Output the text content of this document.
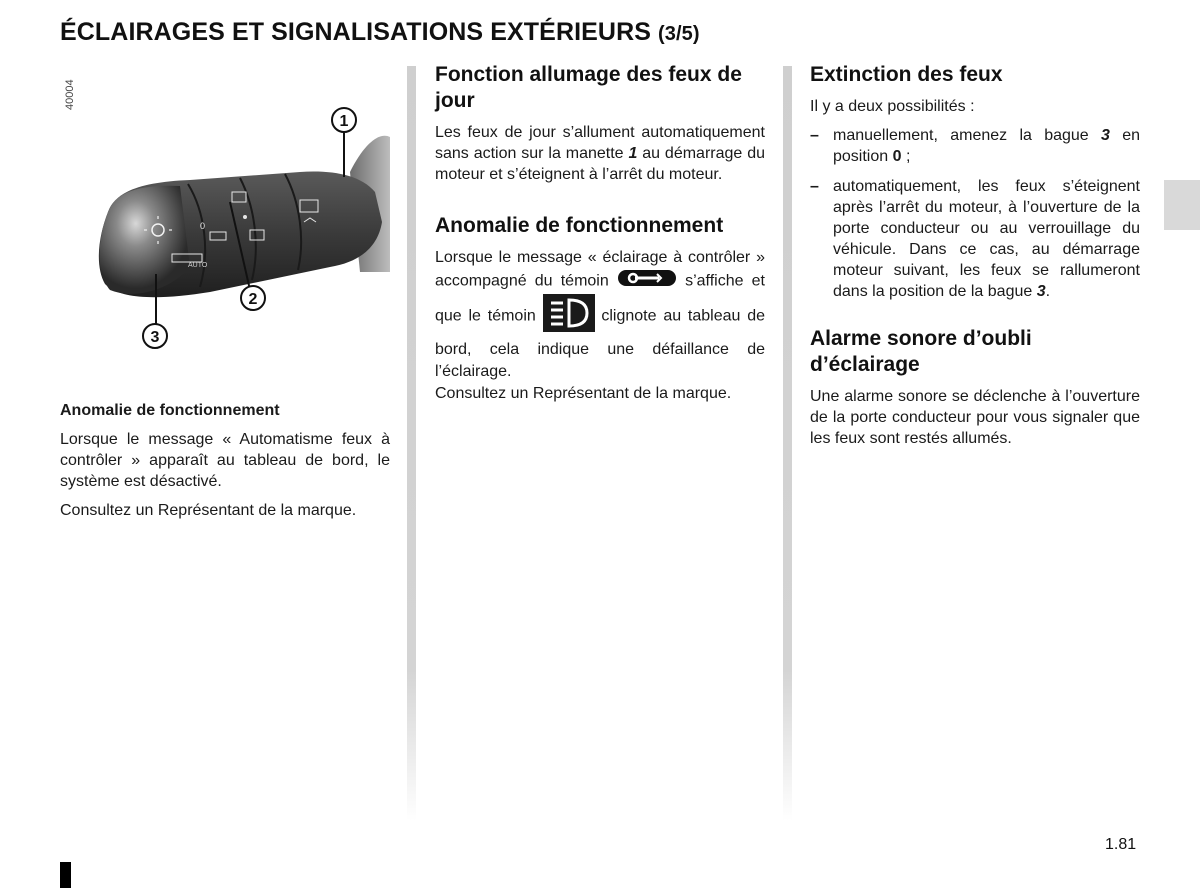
ÉCLAIRAGES ET SIGNALISATIONS EXTÉRIEURS (3/5)
40004
0
AUTO
1
2
3

Anomalie de fonctionnement

Lorsque le message « Automatisme feux à contrôler » apparaît au tableau de bord, le système est désactivé.

Consultez un Représentant de la marque.

Fonction allumage des feux de jour

Les feux de jour s’allument automatiquement sans action sur la manette 1 au démarrage du moteur et s’éteignent à l’arrêt du moteur.

Anomalie de fonctionnement

Lorsque le message « éclairage à contrôler » accompagné du témoin	s’affiche et que le témoin	clignote au tableau de bord, cela indique une défaillance de l’éclairage.

Consultez un Représentant de la marque.

Extinction des feux

Il y a deux possibilités :

– manuellement, amenez la bague 3 en position 0 ;
– automatiquement, les feux s’éteignent après l’arrêt du moteur, à l’ouverture de la porte conducteur ou au verrouillage du véhicule. Dans ce cas, au démarrage moteur suivant, les feux se rallumeront dans la position de la bague 3.
Alarme sonore d’oubli d’éclairage

Une alarme sonore se déclenche à l’ouverture de la porte conducteur pour vous signaler que les feux sont restés allumés.

1.81
